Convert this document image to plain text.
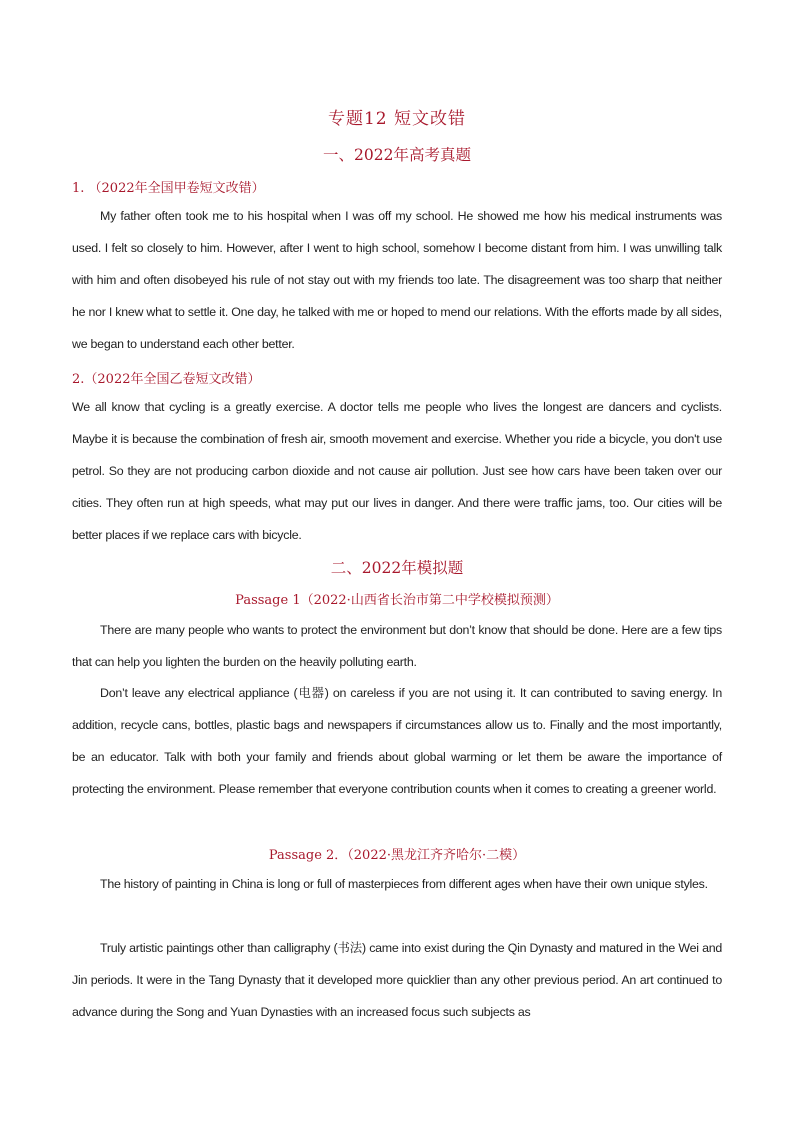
专题12 短文改错
一、2022年高考真题
1. （2022年全国甲卷短文改错）
My father often took me to his hospital when I was off my school. He showed me how his medical instruments was used. I felt so closely to him. However, after I went to high school, somehow I become distant from him. I was unwilling talk with him and often disobeyed his rule of not stay out with my friends too late. The disagreement was too sharp that neither he nor I knew what to settle it. One day, he talked with me or hoped to mend our relations. With the efforts made by all sides, we began to understand each other better.
2.（2022年全国乙卷短文改错）
We all know that cycling is a greatly exercise. A doctor tells me people who lives the longest are dancers and cyclists. Maybe it is because the combination of fresh air, smooth movement and exercise. Whether you ride a bicycle, you don't use petrol. So they are not producing carbon dioxide and not cause air pollution. Just see how cars have been taken over our cities. They often run at high speeds, what may put our lives in danger. And there were traffic jams, too. Our cities will be better places if we replace cars with bicycle.
二、2022年模拟题
Passage 1（2022·山西省长治市第二中学校模拟预测）
There are many people who wants to protect the environment but don’t know that should be done. Here are a few tips that can help you lighten the burden on the heavily polluting earth.
Don’t leave any electrical appliance (电器) on careless if you are not using it. It can contributed to saving energy. In addition, recycle cans, bottles, plastic bags and newspapers if circumstances allow us to. Finally and the most importantly, be an educator. Talk with both your family and friends about global warming or let them be aware the importance of protecting the environment. Please remember that everyone contribution counts when it comes to creating a greener world.
Passage 2．（2022·黑龙江齐齐哈尔·二模）
The history of painting in China is long or full of masterpieces from different ages when have their own unique styles.
Truly artistic paintings other than calligraphy (书法) came into exist during the Qin Dynasty and matured in the Wei and Jin periods. It were in the Tang Dynasty that it developed more quicklier than any other previous period. An art continued to advance during the Song and Yuan Dynasties with an increased focus such subjects as
